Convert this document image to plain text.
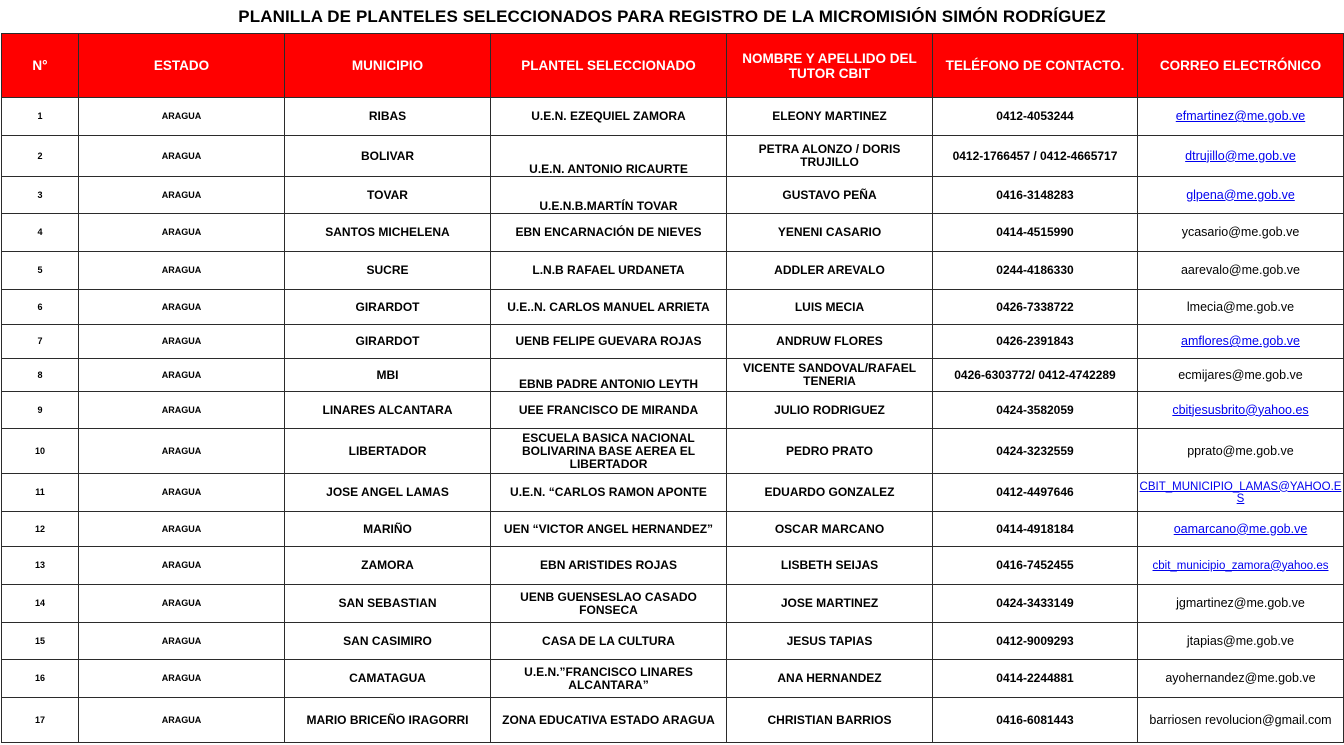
PLANILLA DE PLANTELES SELECCIONADOS PARA REGISTRO DE LA MICROMISIÓN SIMÓN RODRÍGUEZ
N°	ESTADO	MUNICIPIO	PLANTEL SELECCIONADO	NOMBRE Y APELLIDO DEL TUTOR CBIT	TELÉFONO DE CONTACTO.	CORREO ELECTRÓNICO
1	ARAGUA	RIBAS	U.E.N. EZEQUIEL ZAMORA	ELEONY MARTINEZ	0412-4053244	efmartinez@me.gob.ve
2	ARAGUA	BOLIVAR	U.E.N. ANTONIO RICAURTE	PETRA ALONZO / DORIS TRUJILLO	0412-1766457 / 0412-4665717	dtrujillo@me.gob.ve
3	ARAGUA	TOVAR	U.E.N.B.MARTÍN TOVAR	GUSTAVO PEÑA	0416-3148283	glpena@me.gob.ve
4	ARAGUA	SANTOS MICHELENA	EBN ENCARNACIÓN DE NIEVES	YENENI CASARIO	0414-4515990	ycasario@me.gob.ve
5	ARAGUA	SUCRE	L.N.B RAFAEL URDANETA	ADDLER AREVALO	0244-4186330	aarevalo@me.gob.ve
6	ARAGUA	GIRARDOT	U.E..N. CARLOS MANUEL ARRIETA	LUIS MECIA	0426-7338722	lmecia@me.gob.ve
7	ARAGUA	GIRARDOT	UENB FELIPE GUEVARA ROJAS	ANDRUW FLORES	0426-2391843	amflores@me.gob.ve
8	ARAGUA	MBI	EBNB PADRE ANTONIO LEYTH	VICENTE SANDOVAL/RAFAEL TENERIA	0426-6303772/ 0412-4742289	ecmijares@me.gob.ve
9	ARAGUA	LINARES ALCANTARA	UEE FRANCISCO DE MIRANDA	JULIO RODRIGUEZ	0424-3582059	cbitjesusbrito@yahoo.es
10	ARAGUA	LIBERTADOR	ESCUELA BASICA NACIONAL BOLIVARINA BASE AEREA EL LIBERTADOR	PEDRO PRATO	0424-3232559	pprato@me.gob.ve
11	ARAGUA	JOSE ANGEL LAMAS	U.E.N. “CARLOS RAMON APONTE	EDUARDO GONZALEZ	0412-4497646	CBIT_MUNICIPIO_LAMAS@YAHOO.ES
12	ARAGUA	MARIÑO	UEN “VICTOR ANGEL HERNANDEZ”	OSCAR MARCANO	0414-4918184	oamarcano@me.gob.ve
13	ARAGUA	ZAMORA	EBN ARISTIDES ROJAS	LISBETH SEIJAS	0416-7452455	cbit_municipio_zamora@yahoo.es
14	ARAGUA	SAN SEBASTIAN	UENB GUENSESLAO CASADO FONSECA	JOSE MARTINEZ	0424-3433149	jgmartinez@me.gob.ve
15	ARAGUA	SAN CASIMIRO	CASA DE LA CULTURA	JESUS TAPIAS	0412-9009293	jtapias@me.gob.ve
16	ARAGUA	CAMATAGUA	U.E.N.”FRANCISCO LINARES ALCANTARA”	ANA HERNANDEZ	0414-2244881	ayohernandez@me.gob.ve
17	ARAGUA	MARIO BRICEÑO IRAGORRI	ZONA EDUCATIVA ESTADO ARAGUA	CHRISTIAN BARRIOS	0416-6081443	barriosen revolucion@gmail.com
